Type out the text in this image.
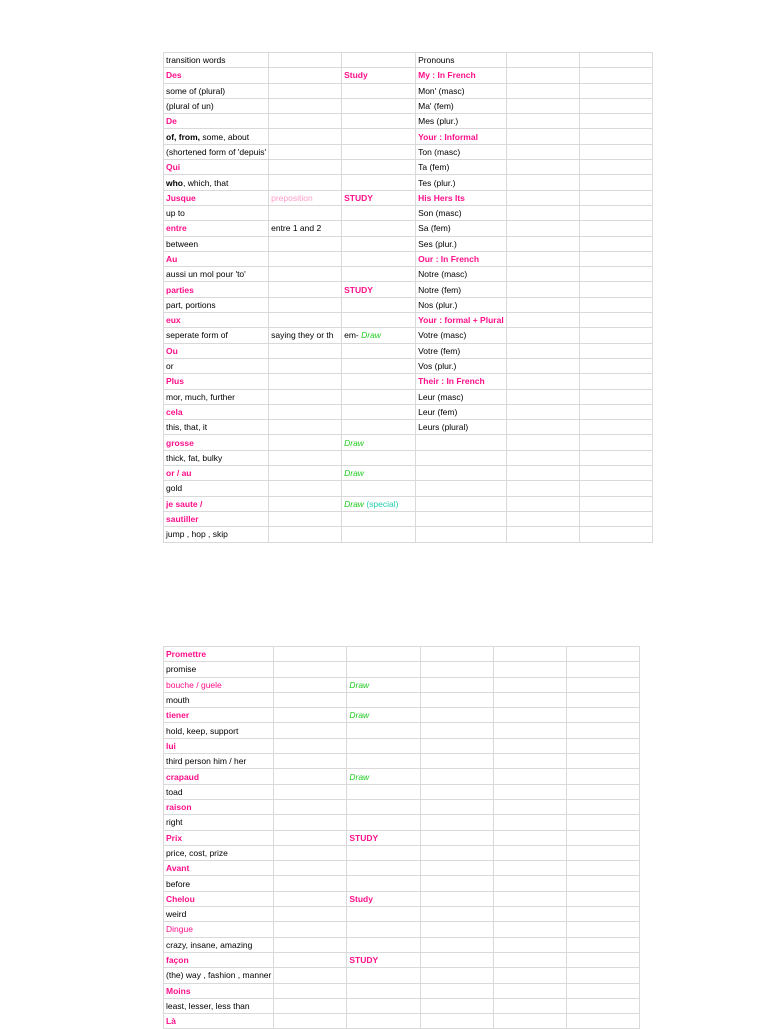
transition words			Pronouns		
Des		Study	My : In French		
some of (plural)			Mon' (masc)		
(plural of un)			Ma' (fem)		
De			Mes (plur.)		
of, from, some, about			Your : Informal		
(shortened form of 'depuis'			Ton (masc)		
Qui			Ta (fem)		
who, which, that			Tes (plur.)		
Jusque	preposition	STUDY	His Hers Its		
up to			Son (masc)		
entre	entre 1 and 2		Sa (fem)		
between			Ses (plur.)		
Au			Our : In French		
aussi un mol pour 'to'			Notre (masc)		
parties		STUDY	Notre (fem)		
part, portions			Nos (plur.)		
eux			Your : formal + Plural		
seperate form of	saying they or th	em- Draw	Votre (masc)		
Ou			Votre (fem)		
or			Vos (plur.)		
Plus			Their : In French		
mor, much, further			Leur (masc)		
cela			Leur (fem)		
this, that, it			Leurs (plural)		
grosse		Draw			
thick, fat, bulky					
or / au		Draw			
gold					
je saute /		Draw (special)			
sautiller					
jump , hop , skip					
Promettre					
promise					
bouche / guele		Draw			
mouth					
tiener		Draw			
hold, keep, support					
lui					
third person him / her					
crapaud		Draw			
toad					
raison					
right					
Prix		STUDY			
price, cost, prize					
Avant					
before					
Chelou		Study			
weird					
Dingue					
crazy, insane, amazing					
façon		STUDY			
(the) way , fashion , manner					
Moins					
least, lesser, less than					
Là					
